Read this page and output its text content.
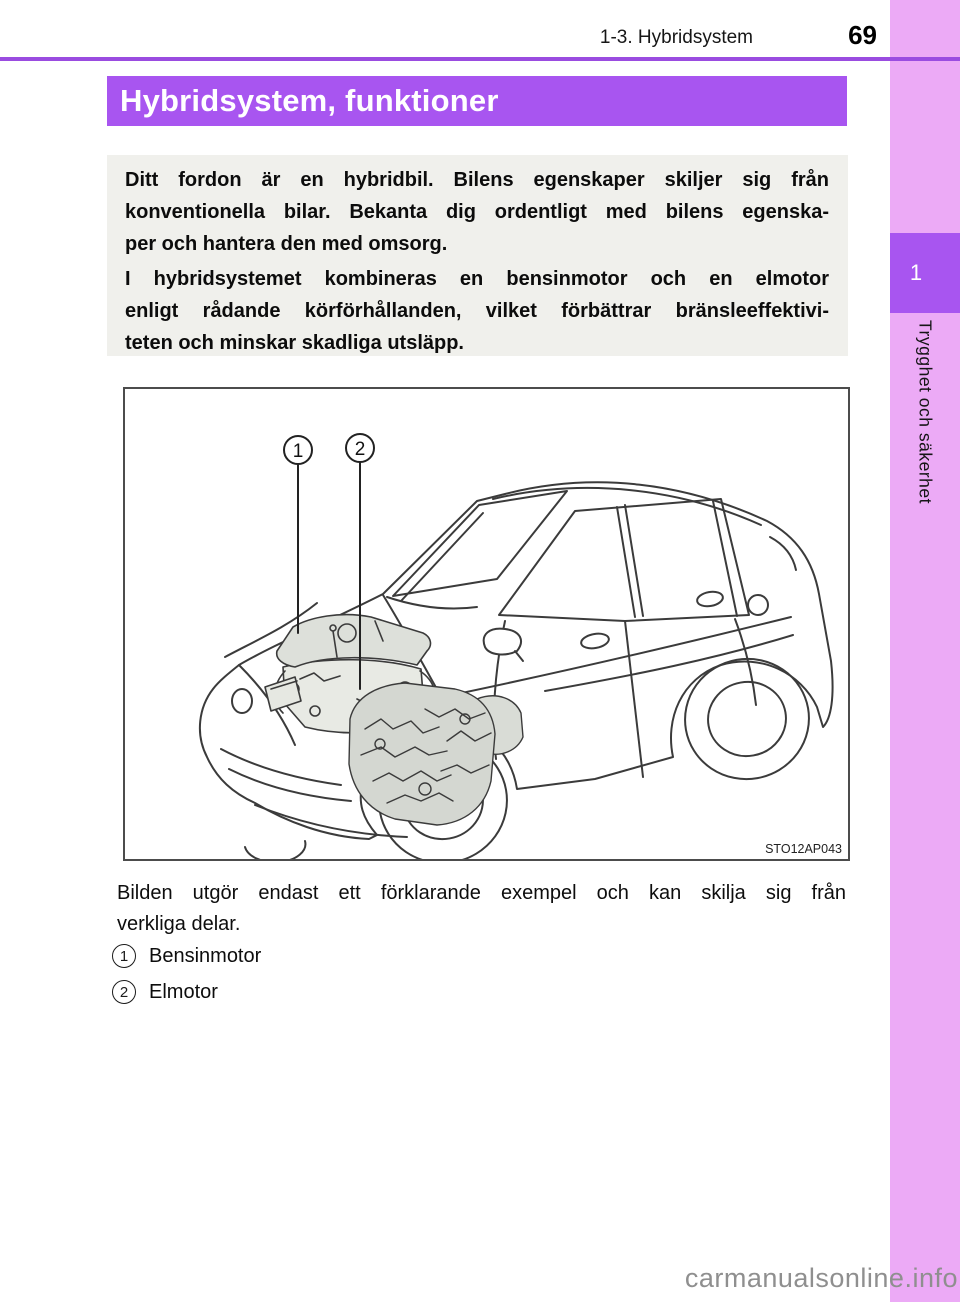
1
Trygghet och säkerhet
1-3. Hybridsystem	69
Hybridsystem, funktioner
Ditt fordon är en hybridbil. Bilens egenskaper skiljer sig från
konventionella bilar. Bekanta dig ordentligt med bilens egenska-
per och hantera den med omsorg.
I hybridsystemet kombineras en bensinmotor och en elmotor
enligt rådande körförhållanden, vilket förbättrar bränsleeffektivi-
teten och minskar skadliga utsläpp.
1	2
STO12AP043
Bilden utgör endast ett förklarande exempel och kan skilja sig från
verkliga delar.
1	Bensinmotor
2	Elmotor
carmanualsonline.info
